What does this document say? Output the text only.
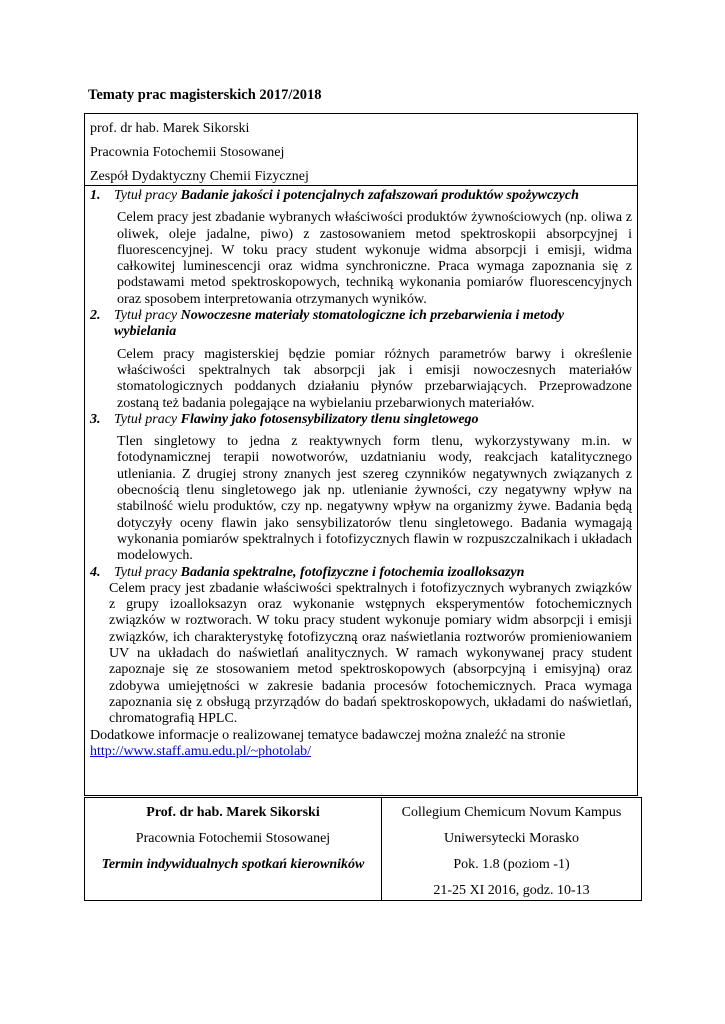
Tematy prac magisterskich 2017/2018
prof. dr hab. Marek Sikorski
Pracownia Fotochemii Stosowanej
Zespół Dydaktyczny Chemii Fizycznej
1. Tytuł pracy Badanie jakości i potencjalnych zafałszowań produktów spożywczych

Celem pracy jest zbadanie wybranych właściwości produktów żywnościowych (np. oliwa z oliwek, oleje jadalne, piwo) z zastosowaniem metod spektroskopii absorpcyjnej i fluorescencyjnej. W toku pracy student wykonuje widma absorpcji i emisji, widma całkowitej luminescencji oraz widma synchroniczne. Praca wymaga zapoznania się z podstawami metod spektroskopowych, techniką wykonania pomiarów fluorescencyjnych oraz sposobem interpretowania otrzymanych wyników.

2. Tytuł pracy Nowoczesne materiały stomatologiczne ich przebarwienia i metody
wybielania

Celem pracy magisterskiej będzie pomiar różnych parametrów barwy i określenie właściwości spektralnych tak absorpcji jak i emisji nowoczesnych materiałów stomatologicznych poddanych działaniu płynów przebarwiających. Przeprowadzone zostaną też badania polegające na wybielaniu przebarwionych materiałów.

3. Tytuł pracy Flawiny jako fotosensybilizatory tlenu singletowego

Tlen singletowy to jedna z reaktywnych form tlenu, wykorzystywany m.in. w fotodynamicznej terapii nowotworów, uzdatnianiu wody, reakcjach katalitycznego utleniania. Z drugiej strony znanych jest szereg czynników negatywnych związanych z obecnością tlenu singletowego jak np. utlenianie żywności, czy negatywny wpływ na stabilność wielu produktów, czy np. negatywny wpływ na organizmy żywe. Badania będą dotyczyły oceny flawin jako sensybilizatorów tlenu singletowego. Badania wymagają wykonania pomiarów spektralnych i fotofizycznych flawin w rozpuszczalnikach i układach modelowych.

4. Tytuł pracy Badania spektralne, fotofizyczne i fotochemia izoalloksazyn

Celem pracy jest zbadanie właściwości spektralnych i fotofizycznych wybranych związków z grupy izoalloksazyn oraz wykonanie wstępnych eksperymentów fotochemicznych związków w roztworach. W toku pracy student wykonuje pomiary widm absorpcji i emisji związków, ich charakterystykę fotofizyczną oraz naświetlania roztworów promieniowaniem UV na układach do naświetlań analitycznych. W ramach wykonywanej pracy student zapoznaje się ze stosowaniem metod spektroskopowych (absorpcyjną i emisyjną) oraz zdobywa umiejętności w zakresie badania procesów fotochemicznych. Praca wymaga zapoznania się z obsługą przyrządów do badań spektroskopowych, układami do naświetlań, chromatografią HPLC.

Dodatkowe informacje o realizowanej tematyce badawczej można znaleźć na stronie

http://www.staff.amu.edu.pl/~photolab/
Prof. dr hab. Marek Sikorski
Pracownia Fotochemii Stosowanej
Termin indywidualnych spotkań kierowników
Collegium Chemicum Novum Kampus
Uniwersytecki Morasko
Pok. 1.8 (poziom -1)
21-25 XI 2016, godz. 10-13
